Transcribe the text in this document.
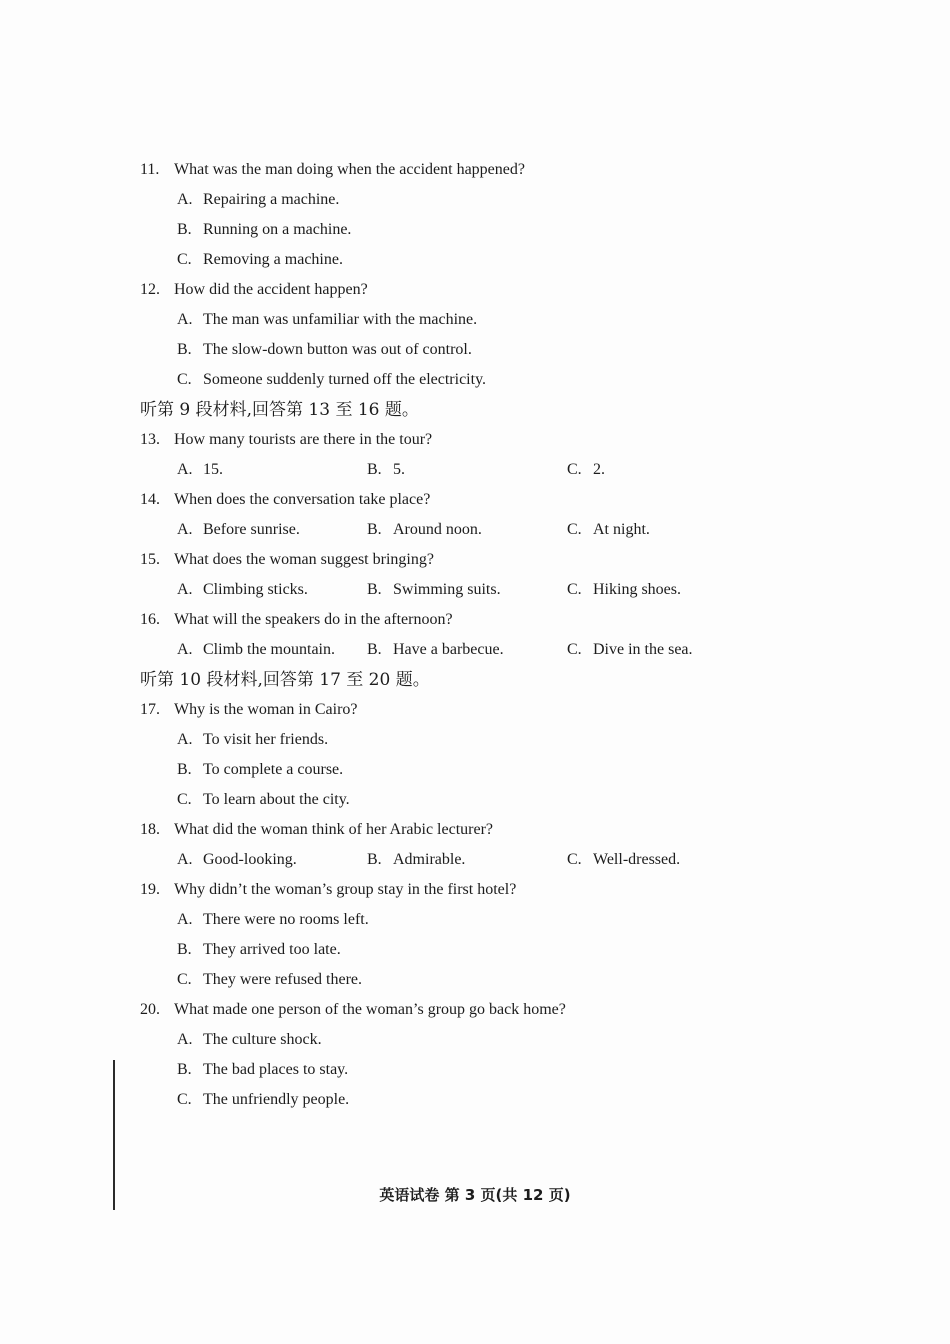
11. What was the man doing when the accident happened?
A. Repairing a machine.
B. Running on a machine.
C. Removing a machine.
12. How did the accident happen?
A. The man was unfamiliar with the machine.
B. The slow-down button was out of control.
C. Someone suddenly turned off the electricity.
听第 9 段材料,回答第 13 至 16 题。
13. How many tourists are there in the tour?
A. 15.	B. 5.	C. 2.
14. When does the conversation take place?
A. Before sunrise.	B. Around noon.	C. At night.
15. What does the woman suggest bringing?
A. Climbing sticks.	B. Swimming suits.	C. Hiking shoes.
16. What will the speakers do in the afternoon?
A. Climb the mountain.	B. Have a barbecue.	C. Dive in the sea.
听第 10 段材料,回答第 17 至 20 题。
17. Why is the woman in Cairo?
A. To visit her friends.
B. To complete a course.
C. To learn about the city.
18. What did the woman think of her Arabic lecturer?
A. Good-looking.	B. Admirable.	C. Well-dressed.
19. Why didn’t the woman’s group stay in the first hotel?
A. There were no rooms left.
B. They arrived too late.
C. They were refused there.
20. What made one person of the woman’s group go back home?
A. The culture shock.
B. The bad places to stay.
C. The unfriendly people.
英语试卷 第 3 页(共 12 页)
